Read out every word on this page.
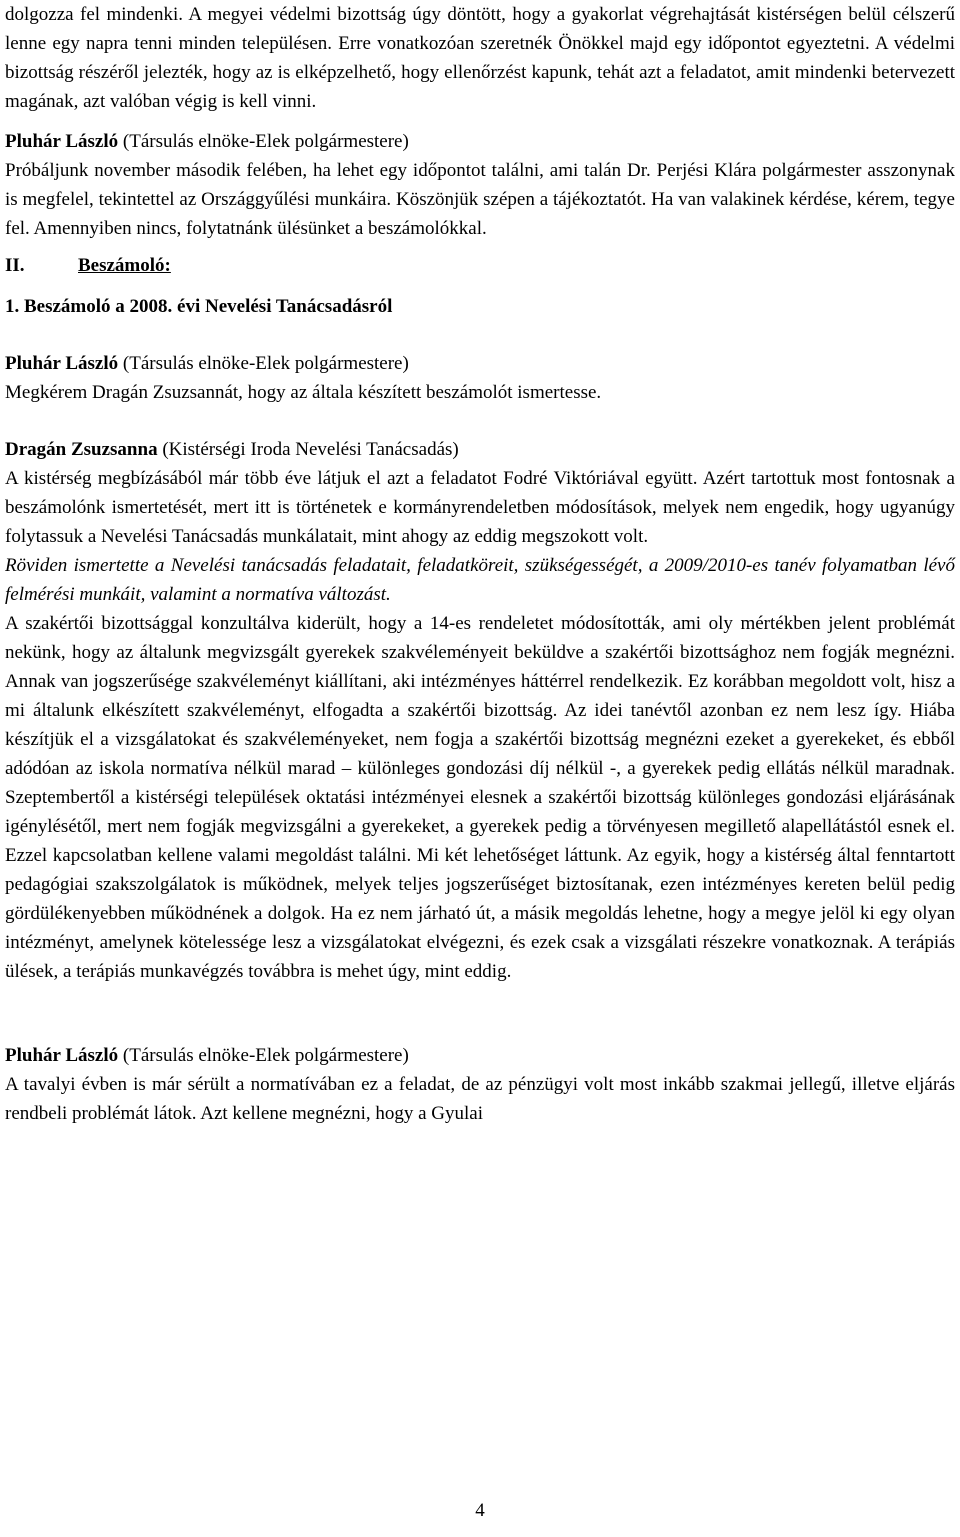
dolgozza fel mindenki. A megyei védelmi bizottság úgy döntött, hogy a gyakorlat végrehajtását kistérségen belül célszerű lenne egy napra tenni minden településen. Erre vonatkozóan szeretnék Önökkel majd egy időpontot egyeztetni. A védelmi bizottság részéről jelezték, hogy az is elképzelhető, hogy ellenőrzést kapunk, tehát azt a feladatot, amit mindenki betervezett magának, azt valóban végig is kell vinni.

Pluhár László (Társulás elnöke-Elek polgármestere)

Próbáljunk november második felében, ha lehet egy időpontot találni, ami talán Dr. Perjési Klára polgármester asszonynak is megfelel, tekintettel az Országgyűlési munkáira. Köszönjük szépen a tájékoztatót. Ha van valakinek kérdése, kérem, tegye fel. Amennyiben nincs, folytatnánk ülésünket a beszámolókkal.

II.	Beszámoló:
1. Beszámoló a 2008. évi Nevelési Tanácsadásról
Pluhár László (Társulás elnöke-Elek polgármestere)

Megkérem Dragán Zsuzsannát, hogy az általa készített beszámolót ismertesse.

Dragán Zsuzsanna (Kistérségi Iroda Nevelési Tanácsadás)

A kistérség megbízásából már több éve látjuk el azt a feladatot Fodré Viktóriával együtt. Azért tartottuk most fontosnak a beszámolónk ismertetését, mert itt is történetek e kormányrendeletben módosítások, melyek nem engedik, hogy ugyanúgy folytassuk a Nevelési Tanácsadás munkálatait, mint ahogy az eddig megszokott volt.

Röviden ismertette a Nevelési tanácsadás feladatait, feladatköreit, szükségességét, a 2009/2010-es tanév folyamatban lévő felmérési munkáit, valamint a normatíva változást.

A szakértői bizottsággal konzultálva kiderült, hogy a 14-es rendeletet módosították, ami oly mértékben jelent problémát nekünk, hogy az általunk megvizsgált gyerekek szakvéleményeit beküldve a szakértői bizottsághoz nem fogják megnézni. Annak van jogszerűsége szakvéleményt kiállítani, aki intézményes háttérrel rendelkezik. Ez korábban megoldott volt, hisz a mi általunk elkészített szakvéleményt, elfogadta a szakértői bizottság. Az idei tanévtől azonban ez nem lesz így. Hiába készítjük el a vizsgálatokat és szakvéleményeket, nem fogja a szakértői bizottság megnézni ezeket a gyerekeket, és ebből adódóan az iskola normatíva nélkül marad – különleges gondozási díj nélkül -, a gyerekek pedig ellátás nélkül maradnak. Szeptembertől a kistérségi települések oktatási intézményei elesnek a szakértői bizottság különleges gondozási eljárásának igénylésétől, mert nem fogják megvizsgálni a gyerekeket, a gyerekek pedig a törvényesen megillető alapellátástól esnek el. Ezzel kapcsolatban kellene valami megoldást találni. Mi két lehetőséget láttunk. Az egyik, hogy a kistérség által fenntartott pedagógiai szakszolgálatok is működnek, melyek teljes jogszerűséget biztosítanak, ezen intézményes kereten belül pedig gördülékenyebben működnének a dolgok. Ha ez nem járható út, a másik megoldás lehetne, hogy a megye jelöl ki egy olyan intézményt, amelynek kötelessége lesz a vizsgálatokat elvégezni, és ezek csak a vizsgálati részekre vonatkoznak. A terápiás ülések, a terápiás munkavégzés továbbra is mehet úgy, mint eddig.

Pluhár László (Társulás elnöke-Elek polgármestere)

A tavalyi évben is már sérült a normatívában ez a feladat, de az pénzügyi volt most inkább szakmai jellegű, illetve eljárás rendbeli problémát látok. Azt kellene megnézni, hogy a Gyulai

4
